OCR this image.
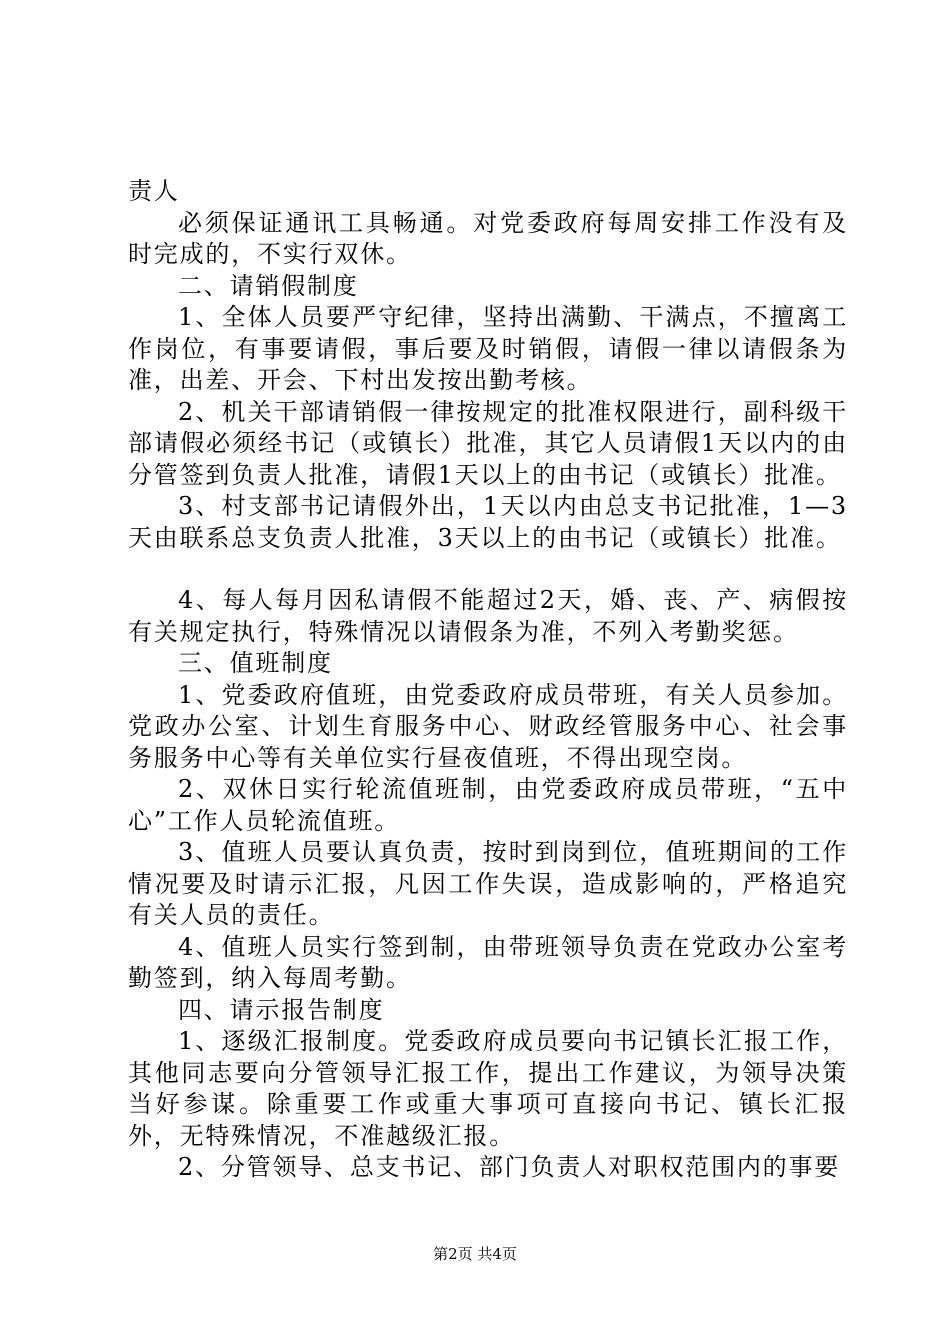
责人

必须保证通讯工具畅通。对党委政府每周安排工作没有及时完成的，不实行双休。

二、请销假制度

1、全体人员要严守纪律，坚持出满勤、干满点，不擅离工作岗位，有事要请假，事后要及时销假，请假一律以请假条为准，出差、开会、下村出发按出勤考核。

2、机关干部请销假一律按规定的批准权限进行，副科级干部请假必须经书记（或镇长）批准，其它人员请假1天以内的由分管签到负责人批准，请假1天以上的由书记（或镇长）批准。

3、村支部书记请假外出，1天以内由总支书记批准，1—3天由联系总支负责人批准，3天以上的由书记（或镇长）批准。

4、每人每月因私请假不能超过2天，婚、丧、产、病假按有关规定执行，特殊情况以请假条为准，不列入考勤奖惩。

三、值班制度

1、党委政府值班，由党委政府成员带班，有关人员参加。党政办公室、计划生育服务中心、财政经管服务中心、社会事务服务中心等有关单位实行昼夜值班，不得出现空岗。

2、双休日实行轮流值班制，由党委政府成员带班，“五中心”工作人员轮流值班。

3、值班人员要认真负责，按时到岗到位，值班期间的工作情况要及时请示汇报，凡因工作失误，造成影响的，严格追究有关人员的责任。

4、值班人员实行签到制，由带班领导负责在党政办公室考勤签到，纳入每周考勤。

四、请示报告制度

1、逐级汇报制度。党委政府成员要向书记镇长汇报工作，其他同志要向分管领导汇报工作，提出工作建议，为领导决策当好参谋。除重要工作或重大事项可直接向书记、镇长汇报外，无特殊情况，不准越级汇报。

2、分管领导、总支书记、部门负责人对职权范围内的事要

第2页 共4页
